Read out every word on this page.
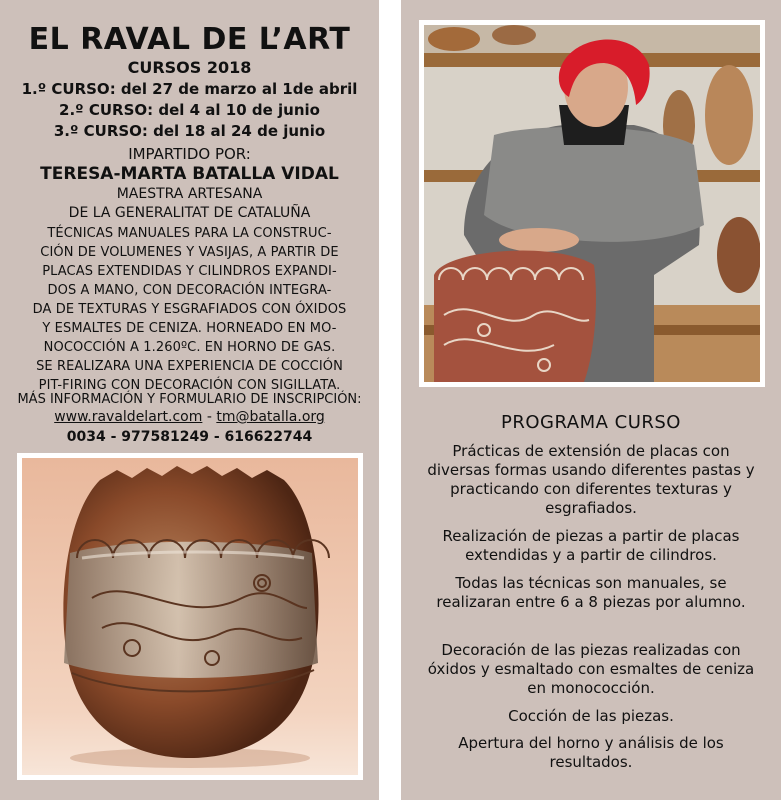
EL RAVAL DE L’ART
CURSOS 2018
1.º CURSO: del 27 de marzo al 1de abril
2.º CURSO: del 4 al 10 de junio
3.º CURSO: del 18 al 24 de junio
IMPARTIDO POR:
TERESA-MARTA BATALLA VIDAL
MAESTRA ARTESANA
DE LA GENERALITAT DE CATALUÑA
TÉCNICAS MANUALES PARA LA CONSTRUC-
CIÓN DE VOLUMENES Y VASIJAS, A PARTIR DE
PLACAS EXTENDIDAS Y CILINDROS EXPANDI-
DOS A MANO, CON DECORACIÓN INTEGRA-
DA DE TEXTURAS Y ESGRAFIADOS CON ÓXIDOS
Y ESMALTES DE CENIZA. HORNEADO EN MO-
NOCOCCIÓN A 1.260ºC. EN HORNO DE GAS.
SE REALIZARA UNA EXPERIENCIA DE COCCIÓN
PIT-FIRING CON DECORACIÓN CON SIGILLATA.
MÁS INFORMACIÓN Y FORMULARIO DE INSCRIPCIÓN:
www.ravaldelart.com - tm@batalla.org
0034 - 977581249 - 616622744
PROGRAMA CURSO
Prácticas de extensión de placas con diversas formas usando diferentes pastas y practicando con diferentes texturas y esgrafiados.
Realización de piezas a partir de placas extendidas y a partir de cilindros.
Todas las técnicas son manuales, se realizaran entre 6 a 8 piezas por alumno.
Decoración de las piezas realizadas con óxidos y esmaltado con esmaltes de ceniza en monococción.
Cocción de las piezas.
Apertura del horno y análisis de los resultados.
